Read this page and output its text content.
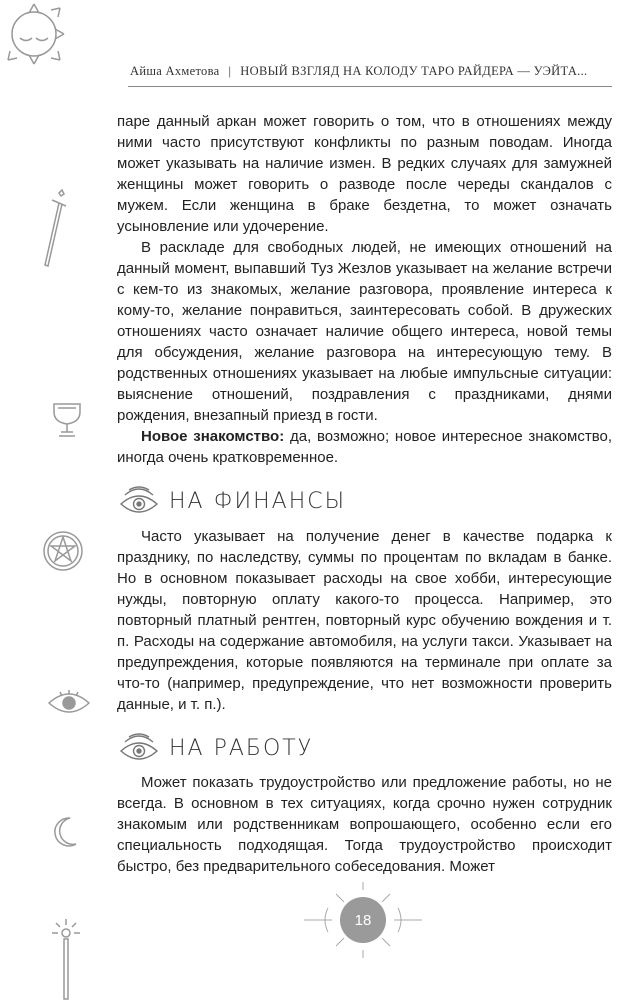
Айша Ахметова | НОВЫЙ ВЗГЛЯД НА КОЛОДУ ТАРО РАЙДЕРА — УЭЙТА...

паре данный аркан может говорить о том, что в отношениях между ними часто присутствуют конфликты по разным поводам. Иногда может указывать на наличие измен. В редких случаях для замужней женщины может говорить о разводе после череды скандалов с мужем. Если женщина в браке бездетна, то может означать усыновление или удочерение.

В раскладе для свободных людей, не имеющих отношений на данный момент, выпавший Туз Жезлов указывает на желание встречи с кем-то из знакомых, желание разговора, проявление интереса к кому-то, желание понравиться, заинтересовать собой. В дружеских отношениях часто означает наличие общего интереса, новой темы для обсуждения, желание разговора на интересующую тему. В родственных отношениях указывает на любые импульсные ситуации: выяснение отношений, поздравления с праздниками, днями рождения, внезапный приезд в гости.

Новое знакомство: да, возможно; новое интересное знакомство, иногда очень кратковременное.

НА ФИНАНСЫ

Часто указывает на получение денег в качестве подарка к празднику, по наследству, суммы по процентам по вкладам в банке. Но в основном показывает расходы на свое хобби, интересующие нужды, повторную оплату какого-то процесса. Например, это повторный платный рентген, повторный курс обучению вождения и т. п. Расходы на содержание автомобиля, на услуги такси. Указывает на предупреждения, которые появляются на терминале при оплате за что-то (например, предупреждение, что нет возможности проверить данные, и т. п.).

НА РАБОТУ

Может показать трудоустройство или предложение работы, но не всегда. В основном в тех ситуациях, когда срочно нужен сотрудник знакомым или родственникам вопрошающего, особенно если его специальность подходящая. Тогда трудоустройство происходит быстро, без предварительного собеседования. Может

18
